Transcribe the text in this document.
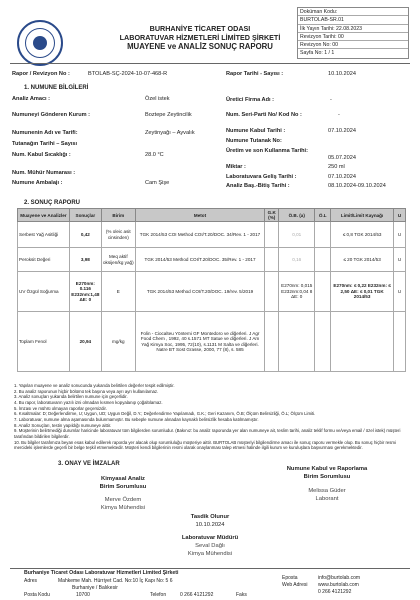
BURHANİYE TİCARET ODASI
LABORATUVAR HİZMETLERİ LİMİTED ŞİRKETİ
MUAYENE ve ANALİZ SONUÇ RAPORU
Doküman Kodu:
BURTOLAB-SR.01
İlk Yayın Tarihi: 22.08.2023
Revizyon Tarihi: 00
Revizyon No: 00
Sayfa No: 1 / 1
Rapor / Revizyon No :	BTOLAB-SÇ-2024-10-07-468-R	Rapor Tarihi - Sayısı :	10.10.2024
1. NUMUNE BİLGİLERİ
Analiz Amacı :	Özel istek
Numuneyi Gönderen Kurum :	Boztepe Zeytincilik
Numunenin Adı ve Tarifi:	Zeytinyağı – Ayvalık
Tutanağın Tarihi – Sayısı
Num. Kabul Sıcaklığı :	28.0 °C
Num. Mühür Numarası :
Numune Ambalajı :	Cam Şişe
Üretici Firma Adı :	-
Num. Seri-Parti No/ Kod No :	-
Numune Kabul Tarihi :	07.10.2024
Numune Tutanak No:
Üretim ve son Kullanma Tarihi:
05.07.2024
Miktar :	250 ml
Laboratuvara Geliş Tarihi :	07.10.2024
Analiz Baş.-Bitiş Tarihi :	08.10.2024-09.10.2024
2. SONUÇ RAPORU
Muayene ve Analizler	Sonuçlar	Birim	Metot	G.K (%)	Ö.B. (a)	Ö.L	Limit/Limit Kaynağı	U
Serbest Yağ Asitliği	0,42	(% oleic asit cinsinden)	TGK 2014/53 COI Method COI/T.20/DOC. 34/Rev. 1 - 2017		0,01		≤ 0,8 TGK 2014/53	U
Peroksit Değeri	3,98	Meq aktif oksijen/kg yağ)	TGK 2014/53 Method COI/T.20/DOC. 35/Rev. 1 - 2017		0,16		≤ 20 TGK 2014/53	U
UV Özgül Soğurma	E270nm: 0.116 E232nm:1,48 ΔE: 0	E	TGK 2014/53 Method COI/T.20/DOC. 19/rev. 5/2019		E270nm: 0,015 E232nm:0,04 8 ΔE: 0		E270nm: ≤ 0,22 E232nm: ≤ 2,50 ΔE: ≤ 0,01 TGK 2014/53	U
Toplam Fenol	20,94	mg/kg	Folin - Ciocalteu Yöntemi GF Montedoro ve diğerleri. J Agr Food Chem , 1992, 40 s.1571 MT Satue ve diğerleri. J Am Yağ Kimya Soc, 1995, 72(10), s.1131 M Salta ve diğerleri. Natre BT Sost Grasse, 2000, 77 (8), s. 585					
1. Yapılan muayene ve analiz sonucunda yukarıda belirtilen değerler tespit edilmiştir.
2. Bu analiz raporunun hiçbir bölümü tek başına veya ayrı ayrı kullanılamaz.
3. Analiz sonuçları yukarıda belirtilen numune için geçerlidir.
4. Bu rapor, laboratuvarın yazılı izni olmadan kısmen kopyalanıp çoğaltılamaz.
5. İmzası ve mührü olmayan raporlar geçersizdir.
6. Kısaltmalar: D; Değerlendirme, U; Uygun, UD; Uygun Değil, D.Y.; Değerlendirme Yapılamadı, G.K.; Geri Kazanım, Ö.B; Ölçüm Belirsizliği, Ö.L; Ölçüm Limiti.
7. Laboratuvar, numune alma aşamasında bulunmamıştır. Bu sebeple numune alınadan kaynaklı belirsizlik hesaba katılmamıştır.
8. Analiz Sonuçları, testin yapıldığı numuneye aittir.
9. Müşterinin belirtmediği durumlar haricinde laboratuvar tüm bilgilerden sorumludur. (Bakınız: bu analiz raporunda yer alan numuneye ait, teslim tarihi, analiz teklif formu ve/veya email / özel istek) müşteri tarafından bildirilen bilgilerdir.
10. Bu bilgiler tarafımıza beyan esas kabul edilerek raporda yer alacak olup sorumluluğu müşteriye aittir. BURTOLAB müşteriyi bilgilendirme amacı ile sonuç raporu vermekle olup. Bu sonuç hiçbir resmi mercideki işlemlerde geçerli bir belge teşkil etmemektedir. Müşteri kendi bilgilerinin resmi olarak onaylanması talep etmesi halinde ilgili kurum ve kuruluşlara başvurması gerekmektedir.
3. ONAY VE İMZALAR
Kimyasal Analiz
Birim Sorumlusu
Merve Özdem
Kimya Mühendisi
Numune Kabul ve Raporlama
Birim Sorumlusu
Melissa Güder
Laborant
Tasdik Olunur
10.10.2024
Laboratuvar Müdürü
Seval Dağlı
Kimya Mühendisi
Burhaniye Ticaret Odası Laboratuvar Hizmetleri Limited Şirketi
Adres	Mahkeme Mah. Hürriyet Cad. No:10 İç Kapı No: 5 6
Burhaniye / Balıkesir
Posta Kodu	10700	Telefon	0 266 4121292	Faks
Eposta	info@burtolab.com
Web Adresi www.burtolab.com
0 266 4121292
